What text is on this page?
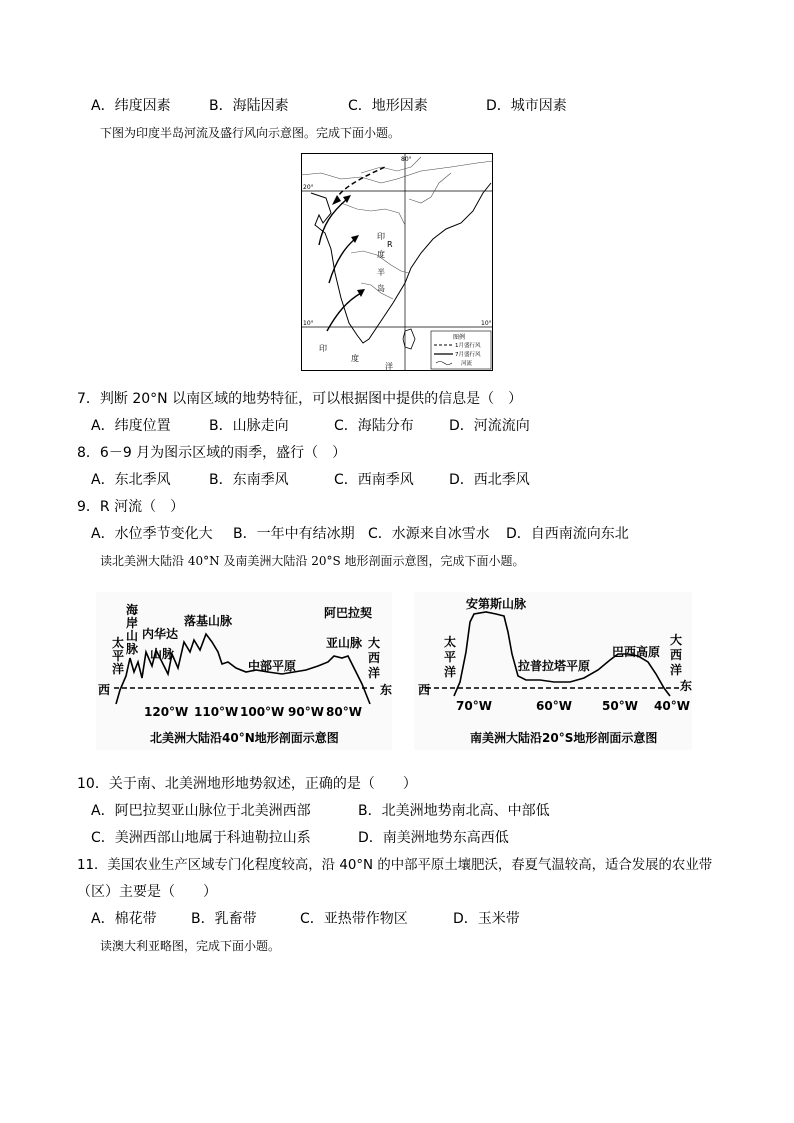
A．纬度因素	B．海陆因素	C．地形因素	D．城市因素
下图为印度半岛河流及盛行风向示意图。完成下面小题。
80°
20°
10°	10°
印
R
度
半
岛
印
度
洋
图例
1月盛行风
7月盛行风
河流
7．判断 20°N 以南区域的地势特征，可以根据图中提供的信息是（　）
A．纬度位置	B．山脉走向	C．海陆分布	D．河流流向
8．6－9 月为图示区域的雨季，盛行（　）
A．东北季风	B．东南季风	C．西南季风	D．西北季风
9．R 河流（　）
A．水位季节变化大 B．一年中有结冰期 C．水源来自冰雪水 D．自西南流向东北
读北美洲大陆沿 40°N 及南美洲大陆沿 20°S 地形剖面示意图，完成下面小题。
海
岸
山
脉
太
平
洋
内华达
山脉
落基山脉
中部平原
阿巴拉契
亚山脉 大
西
洋
西	东
120°W 110°W 100°W 90°W 80°W
北美洲大陆沿40°N地形剖面示意图
安第斯山脉
太
平
洋	拉普拉塔平原
巴西高原
大
西
洋
西	东
70°W	60°W	50°W 40°W
南美洲大陆沿20°S地形剖面示意图
10．关于南、北美洲地形地势叙述，正确的是（　　）
A．阿巴拉契亚山脉位于北美洲西部	B．北美洲地势南北高、中部低
C．美洲西部山地属于科迪勒拉山系	D．南美洲地势东高西低
11．美国农业生产区域专门化程度较高，沿 40°N 的中部平原土壤肥沃，春夏气温较高，适合发展的农业带
（区）主要是（　　）
A．棉花带 B．乳畜带	C．亚热带作物区	D．玉米带
读澳大利亚略图，完成下面小题。
